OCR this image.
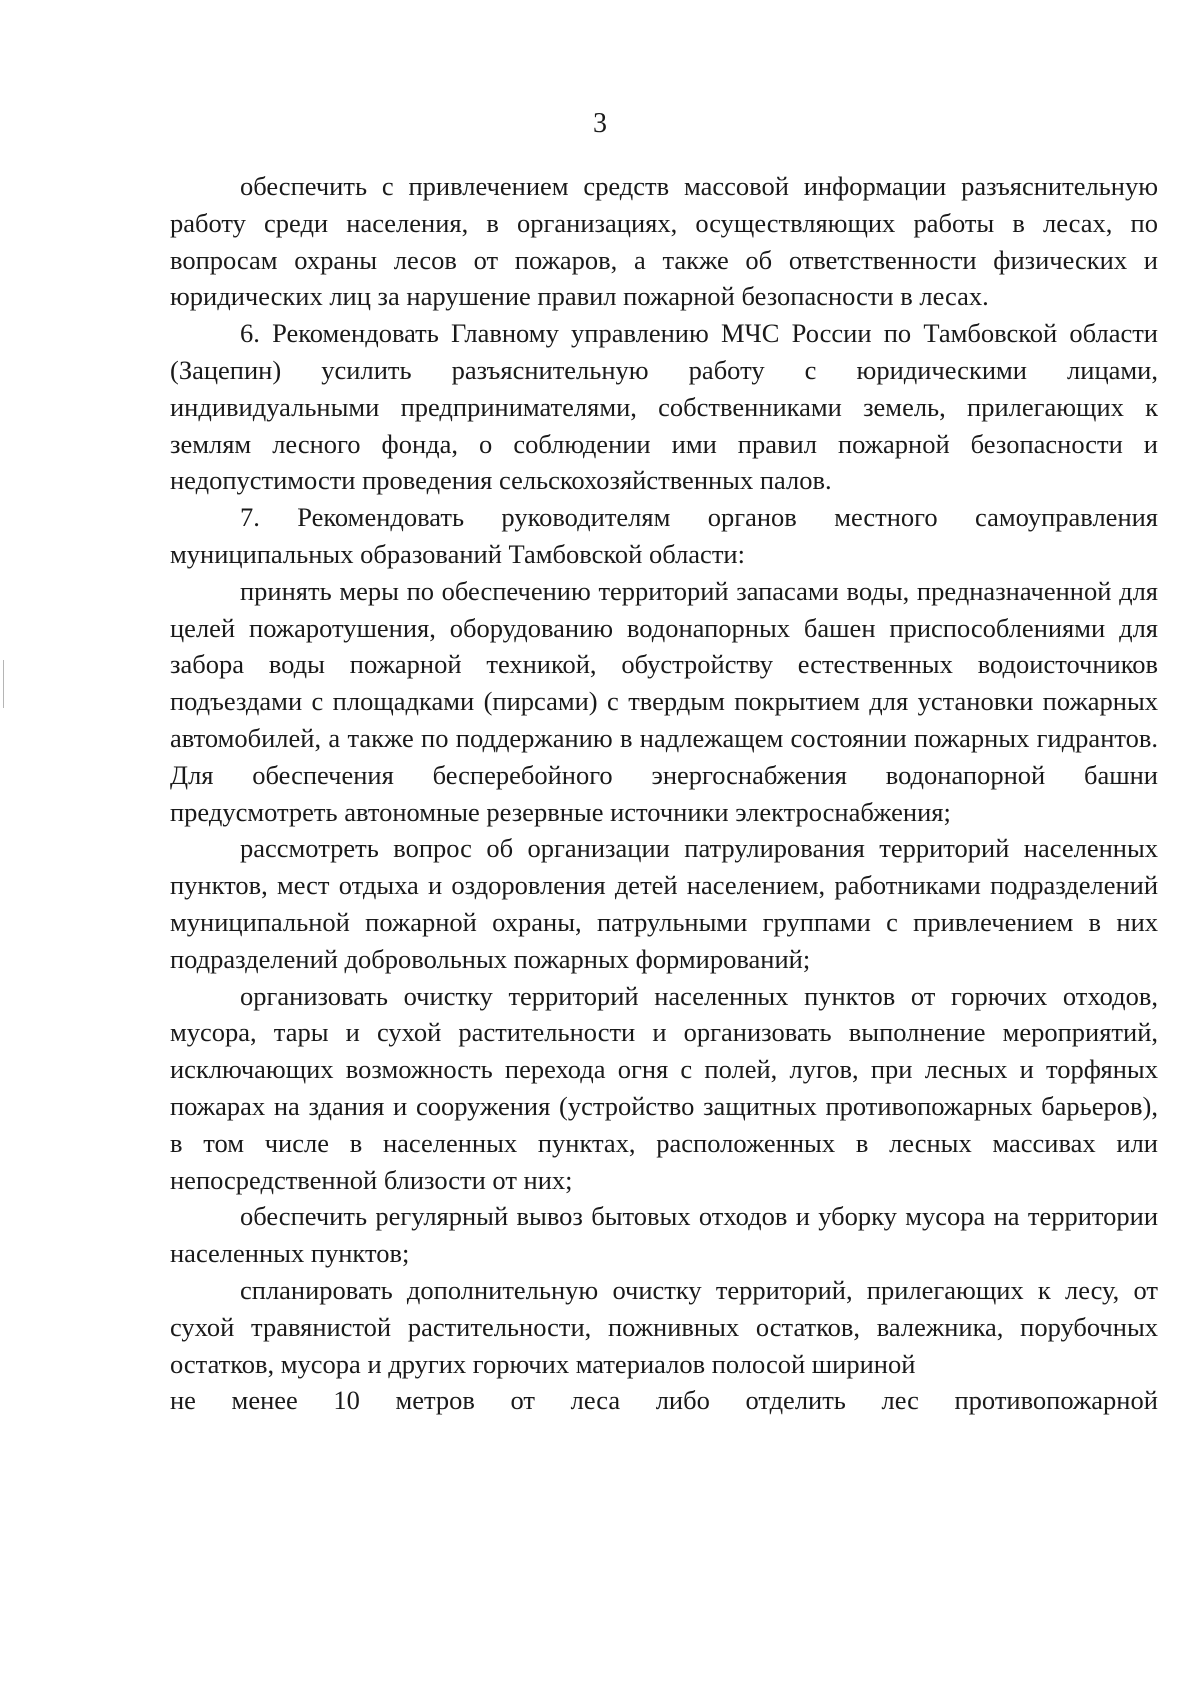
3

обеспечить с привлечением средств массовой информации разъяснительную работу среди населения, в организациях, осуществляющих работы в лесах, по вопросам охраны лесов от пожаров, а также об ответственности физических и юридических лиц за нарушение правил пожарной безопасности в лесах.

6. Рекомендовать Главному управлению МЧС России по Тамбовской области (Зацепин) усилить разъяснительную работу с юридическими лицами, индивидуальными предпринимателями, собственниками земель, прилегающих к землям лесного фонда, о соблюдении ими правил пожарной безопасности и недопустимости проведения сельскохозяйственных палов.

7. Рекомендовать руководителям органов местного самоуправления муниципальных образований Тамбовской области:

принять меры по обеспечению территорий запасами воды, предназначенной для целей пожаротушения, оборудованию водонапорных башен приспособлениями для забора воды пожарной техникой, обустройству естественных водоисточников подъездами с площадками (пирсами) с твердым покрытием для установки пожарных автомобилей, а также по поддержанию в надлежащем состоянии пожарных гидрантов. Для обеспечения бесперебойного энергоснабжения водонапорной башни предусмотреть автономные резервные источники электроснабжения;

рассмотреть вопрос об организации патрулирования территорий населенных пунктов, мест отдыха и оздоровления детей населением, работниками подразделений муниципальной пожарной охраны, патрульными группами с привлечением в них подразделений добровольных пожарных формирований;

организовать очистку территорий населенных пунктов от горючих отходов, мусора, тары и сухой растительности и организовать выполнение мероприятий, исключающих возможность перехода огня с полей, лугов, при лесных и торфяных пожарах на здания и сооружения (устройство защитных противопожарных барьеров), в том числе в населенных пунктах, расположенных в лесных массивах или непосредственной близости от них;

обеспечить регулярный вывоз бытовых отходов и уборку мусора на территории населенных пунктов;

спланировать дополнительную очистку территорий, прилегающих к лесу, от сухой травянистой растительности, пожнивных остатков, валежника, порубочных остатков, мусора и других горючих материалов полосой шириной

не менее 10 метров от леса либо отделить лес противопожарной
